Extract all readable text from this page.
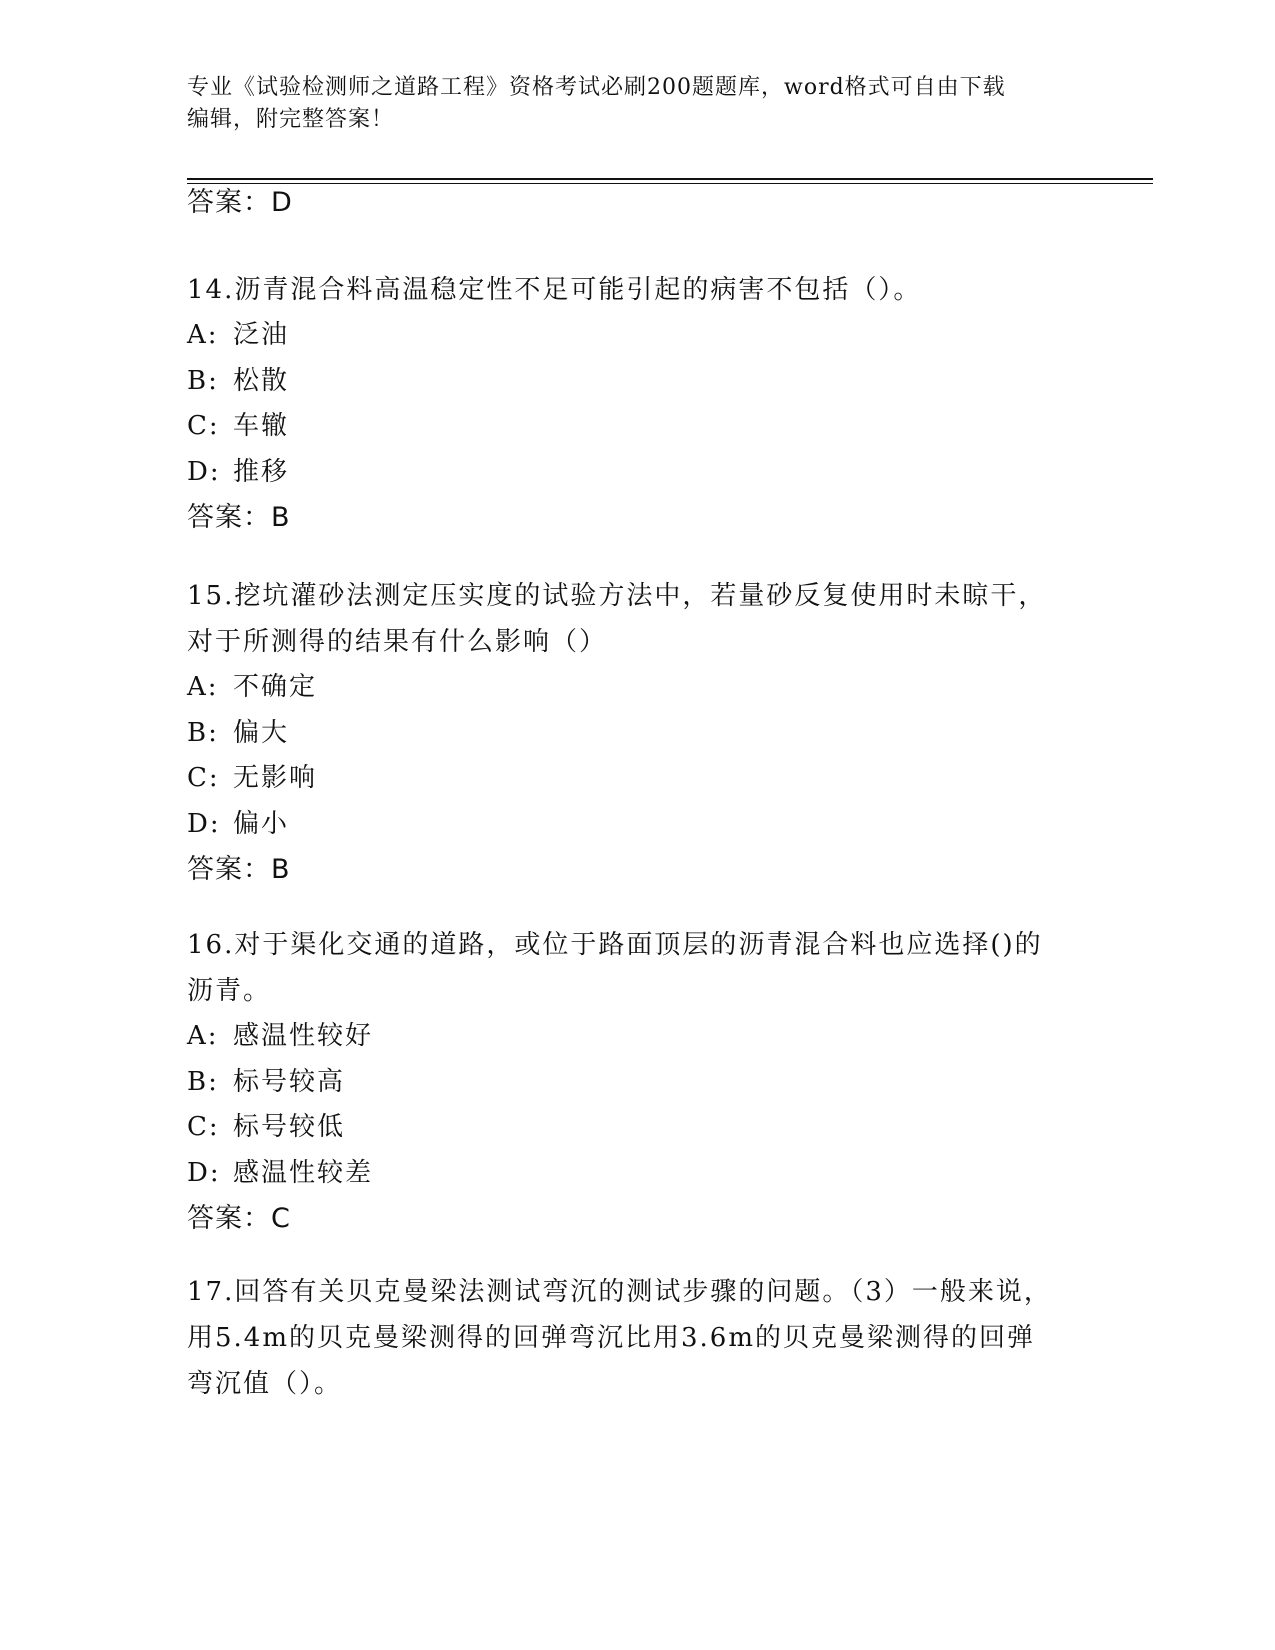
专业《试验检测师之道路工程》资格考试必刷200题题库，word格式可自由下载
编辑，附完整答案！

答案：D

14.沥青混合料高温稳定性不足可能引起的病害不包括（）。

A: 泛油

B: 松散

C: 车辙

D: 推移

答案：B

15.挖坑灌砂法测定压实度的试验方法中，若量砂反复使用时未晾干，

对于所测得的结果有什么影响（）

A: 不确定

B: 偏大

C: 无影响

D: 偏小

答案：B

16.对于渠化交通的道路，或位于路面顶层的沥青混合料也应选择()的

沥青。

A: 感温性较好

B: 标号较高

C: 标号较低

D: 感温性较差

答案：C

17.回答有关贝克曼梁法测试弯沉的测试步骤的问题。（3）一般来说，

用5.4m的贝克曼梁测得的回弹弯沉比用3.6m的贝克曼梁测得的回弹

弯沉值（）。
